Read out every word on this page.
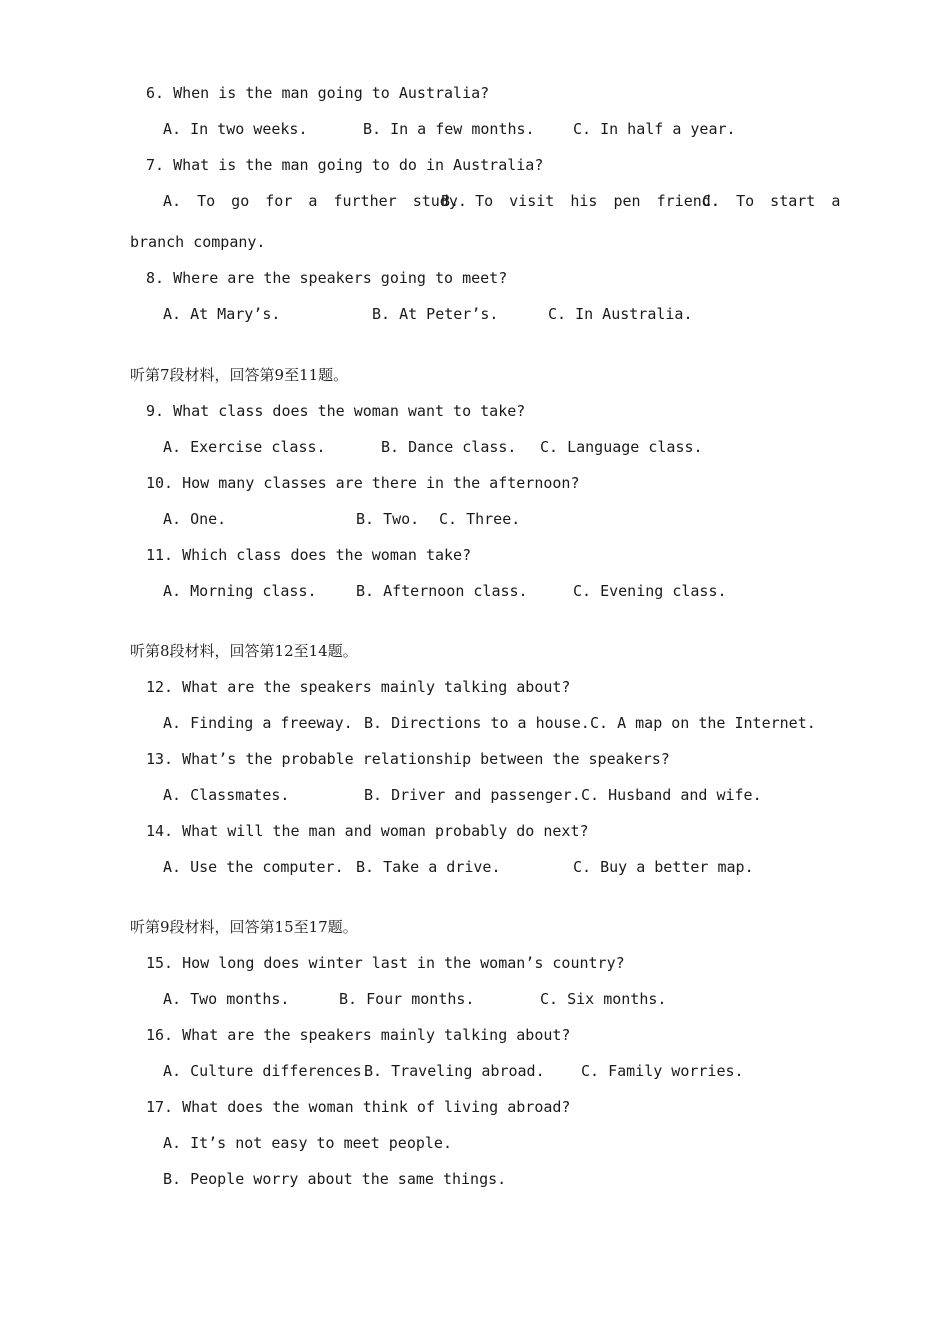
6. When is the man going to Australia?
A. In two weeks.	B. In a few months.	C. In half a year.
7. What is the man going to do in Australia?
A. To go for a further study.
B. To visit his pen friend.
C. To start a
branch company.
8. Where are the speakers going to meet?
A. At Mary’s.	B. At Peter’s.	C. In Australia.
听第7段材料，回答第9至11题。
9. What class does the woman want to take?
A. Exercise class.	B. Dance class. C. Language class.
10. How many classes are there in the afternoon?
A. One.	B. Two. C. Three.
11. Which class does the woman take?
A. Morning class.	B. Afternoon class.	C. Evening class.
听第8段材料，回答第12至14题。
12. What are the speakers mainly talking about?
A. Finding a freeway. B. Directions to a house. C. A map on the Internet.
13. What’s the probable relationship between the speakers?
A. Classmates.	B. Driver and passenger. C. Husband and wife.
14. What will the man and woman probably do next?
A. Use the computer. B. Take a drive.	C. Buy a better map.
听第9段材料，回答第15至17题。
15. How long does winter last in the woman’s country?
A. Two months.	B. Four months.	C. Six months.
16. What are the speakers mainly talking about?
A. Culture differences.
B. Traveling abroad. C. Family worries.
17. What does the woman think of living abroad?
A. It’s not easy to meet people.
B. People worry about the same things.
